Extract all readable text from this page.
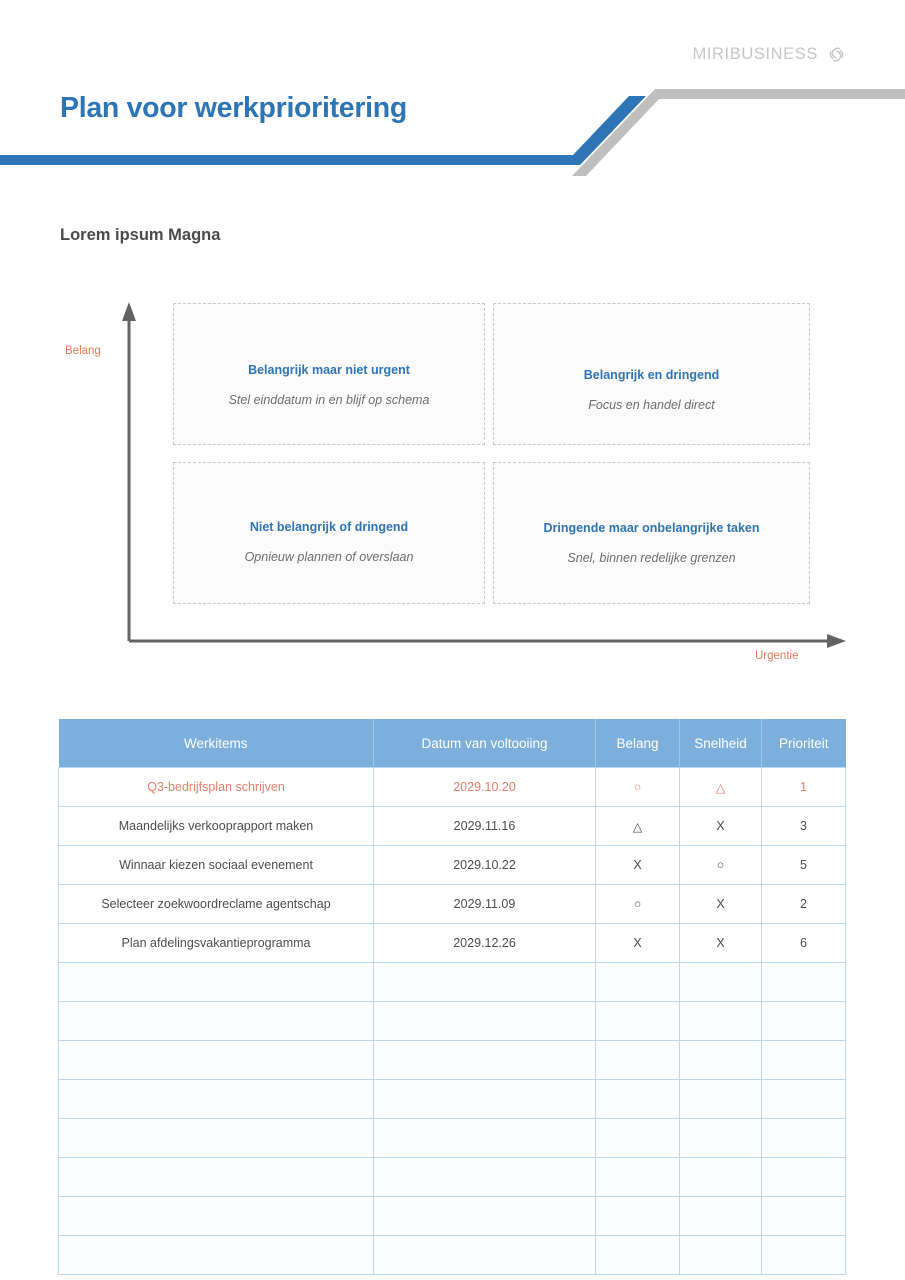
MIRIBUSINESS
Plan voor werkprioritering
Lorem ipsum Magna
Belang
Urgentie
Belangrijk maar niet urgent
Stel einddatum in en blijf op schema
Belangrijk en dringend
Focus en handel direct
Niet belangrijk of dringend
Opnieuw plannen of overslaan
Dringende maar onbelangrijke taken
Snel, binnen redelijke grenzen
Werkitems	Datum van voltooiing	Belang	Snelheid	Prioriteit
Q3-bedrijfsplan schrijven	2029.10.20	○	△	1
Maandelijks verkooprapport maken	2029.11.16	△	X	3
Winnaar kiezen sociaal evenement	2029.10.22	X	○	5
Selecteer zoekwoordreclame agentschap	2029.11.09	○	X	2
Plan afdelingsvakantieprogramma	2029.12.26	X	X	6
